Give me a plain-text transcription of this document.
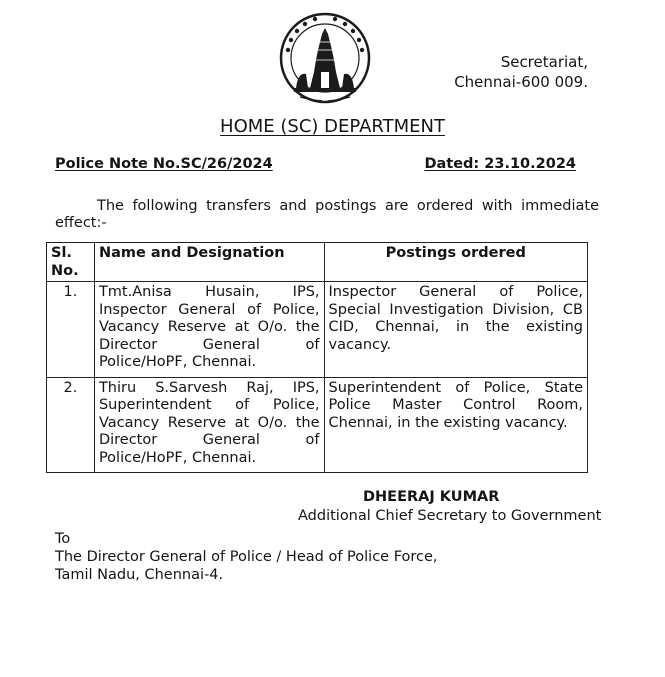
Secretariat,
Chennai-600 009.
HOME (SC) DEPARTMENT
Police Note No.SC/26/2024	Dated: 23.10.2024
The following transfers and postings are ordered with immediate effect:-
Sl. No.	Name and Designation	Postings ordered
1.	Tmt.Anisa Husain, IPS, Inspector General of Police, Vacancy Reserve at O/o. the Director General of Police/HoPF, Chennai.	Inspector General of Police, Special Investigation Division, CB CID, Chennai, in the existing vacancy.
2.	Thiru S.Sarvesh Raj, IPS, Superintendent of Police, Vacancy Reserve at O/o. the Director General of Police/HoPF, Chennai.	Superintendent of Police, State Police Master Control Room, Chennai, in the existing vacancy.
DHEERAJ KUMAR
Additional Chief Secretary to Government
To
The Director General of Police / Head of Police Force,
Tamil Nadu, Chennai-4.
